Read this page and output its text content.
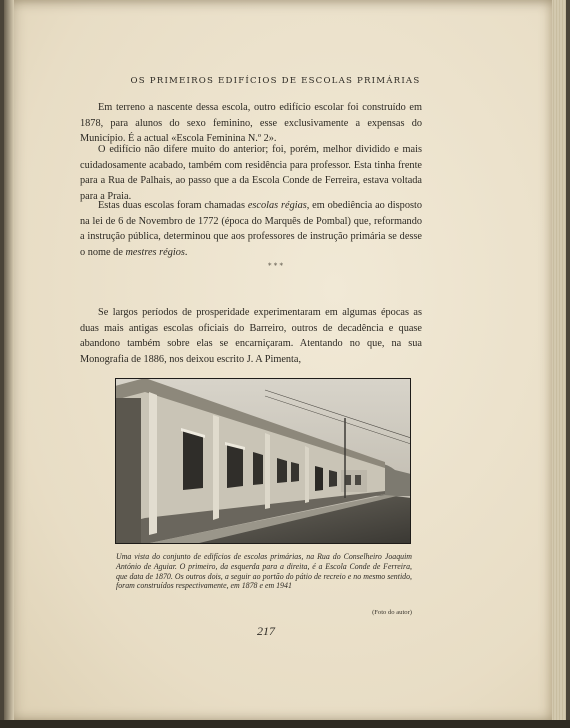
OS PRIMEIROS EDIFÍCIOS DE ESCOLAS PRIMÁRIAS

Em terreno a nascente dessa escola, outro edifício escolar foi construído em 1878, para alunos do sexo feminino, esse exclusivamente a expensas do Município. É a actual «Escola Feminina N.º 2».

O edifício não difere muito do anterior; foi, porém, melhor dividido e mais cuidadosamente acabado, também com residência para professor. Esta tinha frente para a Rua de Palhais, ao passo que a da Escola Conde de Ferreira, estava voltada para a Praia.

Estas duas escolas foram chamadas escolas régias, em obediência ao disposto na lei de 6 de Novembro de 1772 (época do Marquês de Pombal) que, reformando a instrução pública, determinou que aos professores de instrução primária se desse o nome de mestres régios.

* * *

Se largos períodos de prosperidade experimentaram em algumas épocas as duas mais antigas escolas oficiais do Barreiro, outros de decadência e quase abandono também sobre elas se encarniçaram. Atentando no que, na sua Monografia de 1886, nos deixou escrito J. A Pimenta,

Uma vista do conjunto de edifícios de escolas primárias, na Rua do Conselheiro Joaquim António de Aguiar. O primeiro, da esquerda para a direita, é a Escola Conde de Ferreira, que data de 1870. Os outros dois, a seguir ao portão do pátio de recreio e no mesmo sentido, foram construídos respectivamente, em 1878 e em 1941

(Foto do autor)
217
